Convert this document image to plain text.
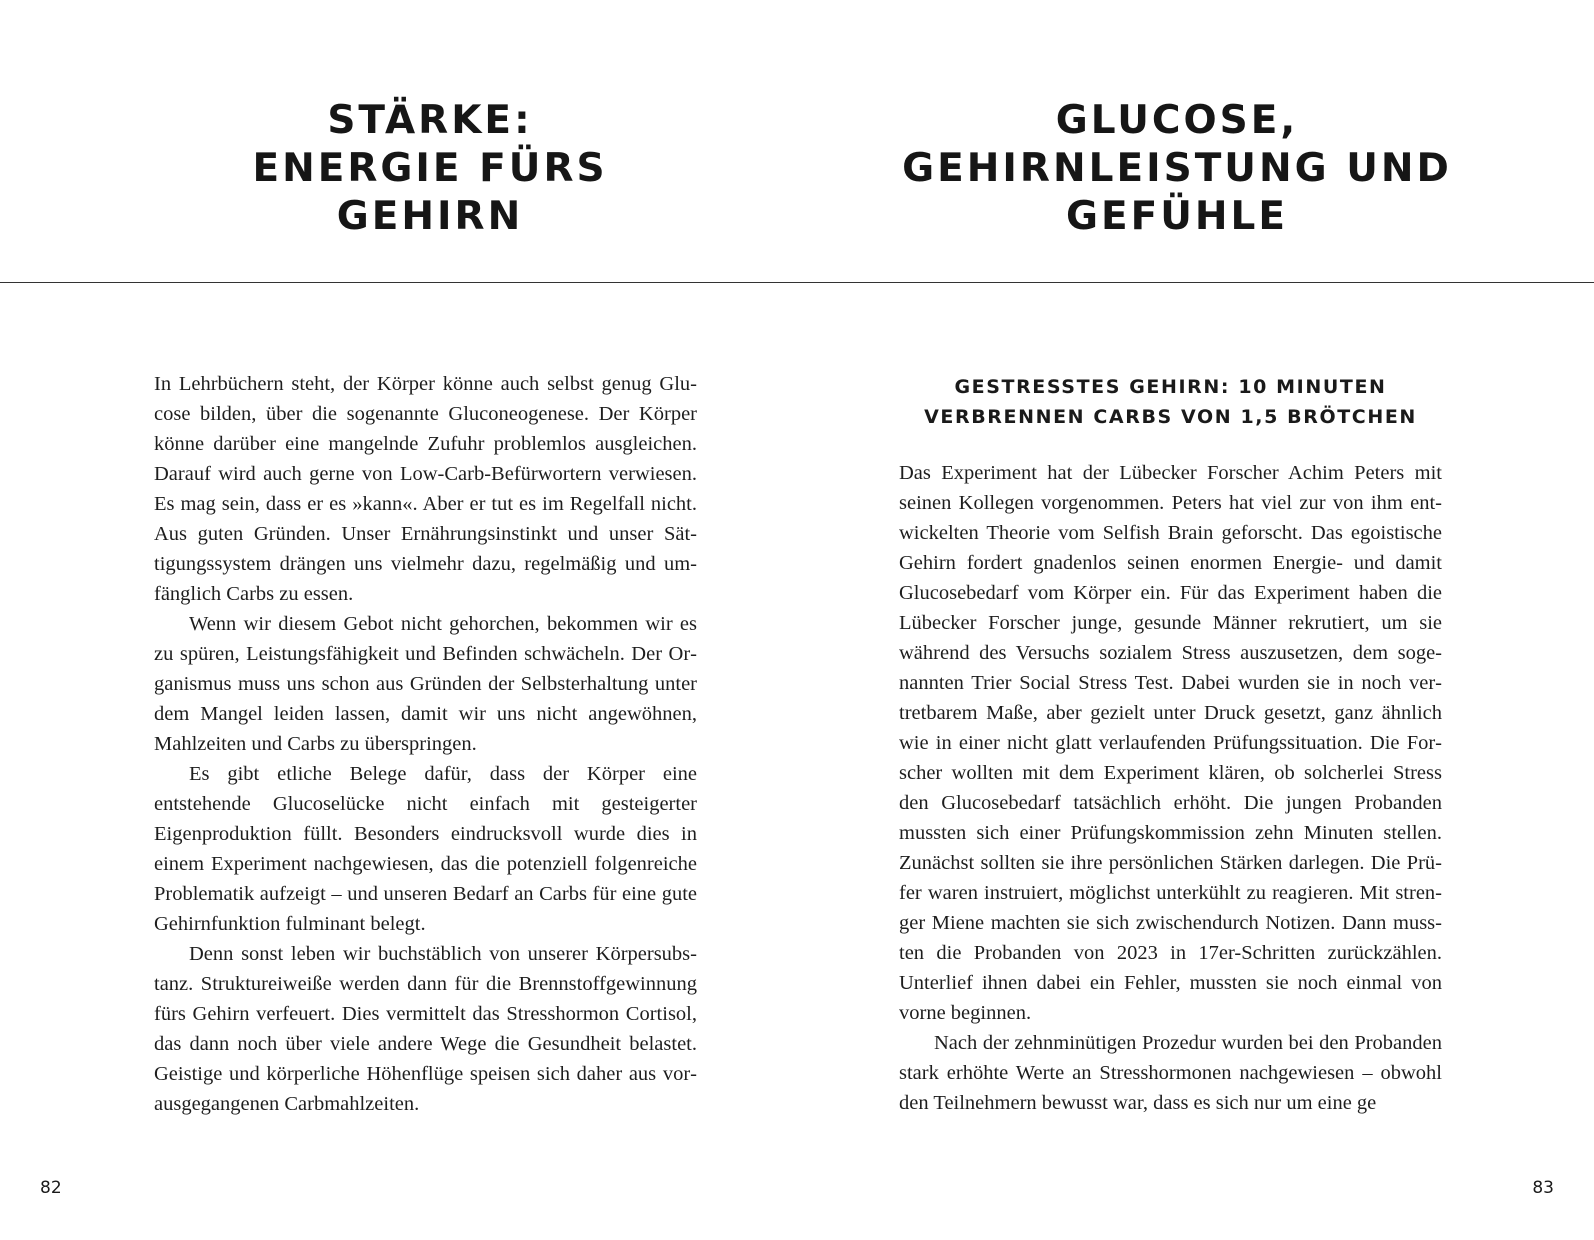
STÄRKE:
ENERGIE FÜRS
GEHIRN

In Lehrbüchern steht, der Körper könne auch selbst genug Glucose bilden, über die sogenannte Gluconeogenese. Der Körper könne darüber eine mangelnde Zufuhr problemlos ausgleichen. Darauf wird auch gerne von Low-Carb-Befürwortern verwiesen. Es mag sein, dass er es »kann«. Aber er tut es im Regelfall nicht. Aus guten Gründen. Unser Ernährungsinstinkt und unser Sättigungssystem drängen uns vielmehr dazu, regelmäßig und umfänglich Carbs zu essen.

Wenn wir diesem Gebot nicht gehorchen, bekommen wir es zu spüren, Leistungsfähigkeit und Befinden schwächeln. Der Organismus muss uns schon aus Gründen der Selbsterhaltung unter dem Mangel leiden lassen, damit wir uns nicht angewöhnen, Mahlzeiten und Carbs zu überspringen.

Es gibt etliche Belege dafür, dass der Körper eine entstehende Glucoselücke nicht einfach mit gesteigerter Eigenproduktion füllt. Besonders eindrucksvoll wurde dies in einem Experiment nachgewiesen, das die potenziell folgenreiche Problematik aufzeigt – und unseren Bedarf an Carbs für eine gute Gehirnfunktion fulminant belegt.

Denn sonst leben wir buchstäblich von unserer Körpersubstanz. Struktureiweiße werden dann für die Brennstoffgewinnung fürs Gehirn verfeuert. Dies vermittelt das Stresshormon Cortisol, das dann noch über viele andere Wege die Gesundheit belastet. Geistige und körperliche Höhenflüge speisen sich daher aus vorausgegangenen Carbmahlzeiten.

82
GLUCOSE,
GEHIRNLEISTUNG UND
GEFÜHLE
GESTRESSTES GEHIRN: 10 MINUTEN
VERBRENNEN CARBS VON 1,5 BRÖTCHEN

Das Experiment hat der Lübecker Forscher Achim Peters mit seinen Kollegen vorgenommen. Peters hat viel zur von ihm entwickelten Theorie vom Selfish Brain geforscht. Das egoistische Gehirn fordert gnadenlos seinen enormen Energie- und damit Glucosebedarf vom Körper ein. Für das Experiment haben die Lübecker Forscher junge, gesunde Männer rekrutiert, um sie während des Versuchs sozialem Stress auszusetzen, dem sogenannten Trier Social Stress Test. Dabei wurden sie in noch vertretbarem Maße, aber gezielt unter Druck gesetzt, ganz ähnlich wie in einer nicht glatt verlaufenden Prüfungssituation. Die Forscher wollten mit dem Experiment klären, ob solcherlei Stress den Glucosebedarf tatsächlich erhöht. Die jungen Probanden mussten sich einer Prüfungskommission zehn Minuten stellen. Zunächst sollten sie ihre persönlichen Stärken darlegen. Die Prüfer waren instruiert, möglichst unterkühlt zu reagieren. Mit strenger Miene machten sie sich zwischendurch Notizen. Dann mussten die Probanden von 2023 in 17er-Schritten zurückzählen. Unterlief ihnen dabei ein Fehler, mussten sie noch einmal von vorne beginnen.

Nach der zehnminütigen Prozedur wurden bei den Probanden stark erhöhte Werte an Stresshormonen nachgewiesen – obwohl den Teilnehmern bewusst war, dass es sich nur um eine ge

83
